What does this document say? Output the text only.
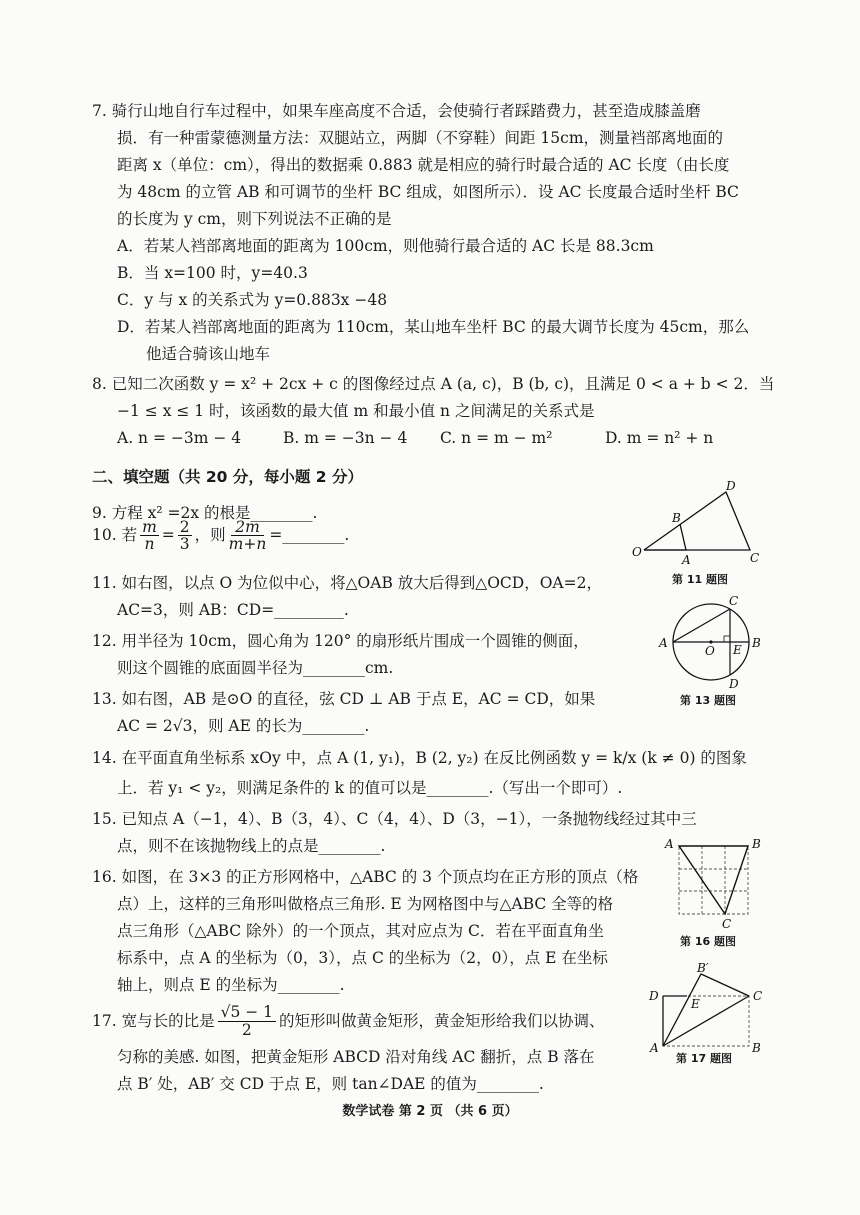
7. 骑行山地自行车过程中，如果车座高度不合适，会使骑行者踩踏费力，甚至造成膝盖磨
损．有一种雷蒙德测量方法：双腿站立，两脚（不穿鞋）间距 15cm，测量裆部离地面的
距离 x（单位：cm），得出的数据乘 0.883 就是相应的骑行时最合适的 AC 长度（由长度
为 48cm 的立管 AB 和可调节的坐杆 BC 组成，如图所示）．设 AC 长度最合适时坐杆 BC
的长度为 y cm，则下列说法不正确的是
A．若某人裆部离地面的距离为 100cm，则他骑行最合适的 AC 长是 88.3cm
B．当 x=100 时，y=40.3
C．y 与 x 的关系式为 y=0.883x −48
D．若某人裆部离地面的距离为 110cm，某山地车坐杆 BC 的最大调节长度为 45cm，那么
他适合骑该山地车
8. 已知二次函数 y = x² + 2cx + c 的图像经过点 A (a, c)，B (b, c)，且满足 0 < a + b < 2．当
−1 ≤ x ≤ 1 时，该函数的最大值 m 和最小值 n 之间满足的关系式是
A. n = −3m − 4	B. m = −3n − 4 C. n = m − m²	D. m = n² + n
二、填空题（共 20 分，每小题 2 分）
9. 方程 x² =2x 的根是________.
10. 若 $\frac{m}{n} = \frac{2}{3}$ ，则 $\frac{2m}{m+n}$ =________.
11. 如右图，以点 O 为位似中心，将△OAB 放大后得到△OCD，OA=2，
AC=3，则 AB：CD=_________.
12. 用半径为 10cm，圆心角为 120° 的扇形纸片围成一个圆锥的侧面，
则这个圆锥的底面圆半径为________cm.
13. 如右图，AB 是⊙O 的直径，弦 CD ⊥ AB 于点 E，AC = CD，如果
AC = 2√3，则 AE 的长为________.
14. 在平面直角坐标系 xOy 中，点 A (1, y₁)，B (2, y₂) 在反比例函数 y = k/x (k ≠ 0) 的图象
上．若 y₁ < y₂，则满足条件的 k 的值可以是________.（写出一个即可）.
15. 已知点 A（−1，4）、B（3，4）、C（4，4）、D（3，−1），一条抛物线经过其中三
点，则不在该抛物线上的点是________.
16. 如图，在 3×3 的正方形网格中，△ABC 的 3 个顶点均在正方形的顶点（格
点）上，这样的三角形叫做格点三角形. E 为网格图中与△ABC 全等的格
点三角形（△ABC 除外）的一个顶点，其对应点为 C．若在平面直角坐
标系中，点 A 的坐标为（0，3），点 C 的坐标为（2，0），点 E 在坐标
轴上，则点 E 的坐标为________.
17. 宽与长的比是 $\frac{√5 - 1}{2}$ 的矩形叫做黄金矩形，黄金矩形给我们以协调、
匀称的美感. 如图，把黄金矩形 ABCD 沿对角线 AC 翻折，点 B 落在
O
A	C
B
D
第 11 题图
A	B
C
D
O E
第 13 题图
A	B
C
第 16 题图
B′
D
E
C
A	B
第 17 题图
点 B′ 处，AB′ 交 CD 于点 E，则 tan∠DAE 的值为________.
数学试卷 第 2 页 （共 6 页）
